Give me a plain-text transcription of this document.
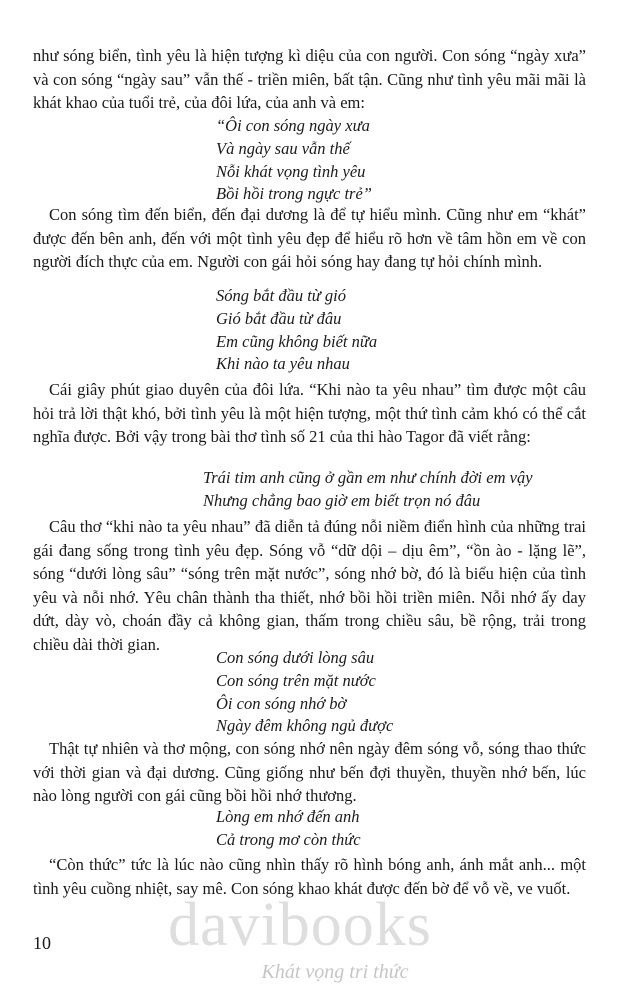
như sóng biển, tình yêu là hiện tượng kì diệu của con người. Con sóng “ngày xưa” và con sóng “ngày sau” vẫn thế - triền miên, bất tận. Cũng như tình yêu mãi mãi là khát khao của tuổi trẻ, của đôi lứa, của anh và em:
“Ôi con sóng ngày xưa
Và ngày sau vẫn thế
Nỗi khát vọng tình yêu
Bồi hồi trong ngực trẻ”
Con sóng tìm đến biển, đến đại dương là để tự hiểu mình. Cũng như em “khát” được đến bên anh, đến với một tình yêu đẹp để hiểu rõ hơn về tâm hồn em về con người đích thực của em. Người con gái hỏi sóng hay đang tự hỏi chính mình.
Sóng bắt đầu từ gió
Gió bắt đầu từ đâu
Em cũng không biết nữa
Khi nào ta yêu nhau
Cái giây phút giao duyên của đôi lứa. “Khi nào ta yêu nhau” tìm được một câu hỏi trả lời thật khó, bởi tình yêu là một hiện tượng, một thứ tình cảm khó có thể cắt nghĩa được. Bởi vậy trong bài thơ tình số 21 của thi hào Tagor đã viết rằng:
Trái tim anh cũng ở gần em như chính đời em vậy
Nhưng chẳng bao giờ em biết trọn nó đâu
Câu thơ “khi nào ta yêu nhau” đã diễn tả đúng nỗi niềm điển hình của những trai gái đang sống trong tình yêu đẹp. Sóng vỗ “dữ dội – dịu êm”, “ồn ào - lặng lẽ”, sóng “dưới lòng sâu” “sóng trên mặt nước”, sóng nhớ bờ, đó là biểu hiện của tình yêu và nỗi nhớ. Yêu chân thành tha thiết, nhớ bồi hồi triền miên. Nỗi nhớ ấy day dứt, dày vò, choán đầy cả không gian, thấm trong chiều sâu, bề rộng, trải trong chiều dài thời gian.
Con sóng dưới lòng sâu
Con sóng trên mặt nước
Ôi con sóng nhớ bờ
Ngày đêm không ngủ được
Thật tự nhiên và thơ mộng, con sóng nhớ nên ngày đêm sóng vỗ, sóng thao thức với thời gian và đại dương. Cũng giống như bến đợi thuyền, thuyền nhớ bến, lúc nào lòng người con gái cũng bồi hồi nhớ thương.
Lòng em nhớ đến anh
Cả trong mơ còn thức
“Còn thức” tức là lúc nào cũng nhìn thấy rõ hình bóng anh, ánh mắt anh... một tình yêu cuồng nhiệt, say mê. Con sóng khao khát được đến bờ để vỗ về, ve vuốt.
10 davibooks
Khát vọng tri thức
